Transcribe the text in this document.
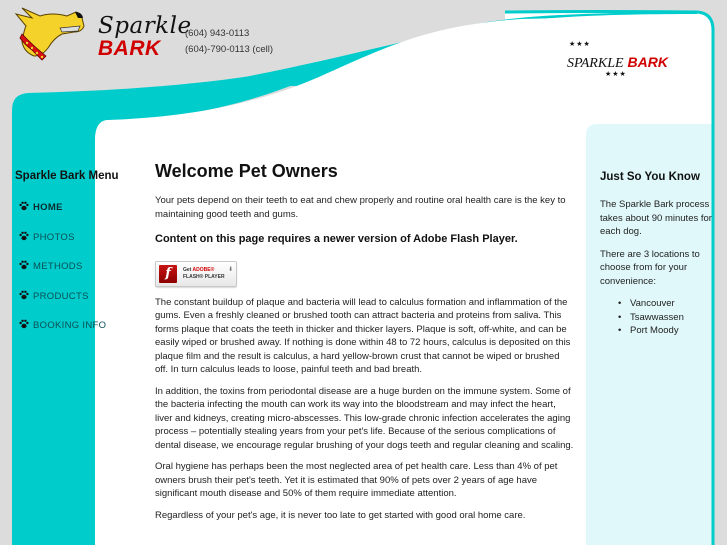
Sparkle
BARK
(604) 943-0113
(604)-790-0113 (cell)	★★★
SPARKLE BARK
★★★
Sparkle Bark Menu
HOME
PHOTOS
METHODS
PRODUCTS
BOOKING INFO
Welcome Pet Owners

Your pets depend on their teeth to eat and chew properly and routine oral health care is the key to maintaining good teeth and gums.

Content on this page requires a newer version of Adobe Flash Player.

f	Get ADOBE®
FLASH® PLAYER
⬇

The constant buildup of plaque and bacteria will lead to calculus formation and inflammation of the gums. Even a freshly cleaned or brushed tooth can attract bacteria and proteins from saliva. This forms plaque that coats the teeth in thicker and thicker layers. Plaque is soft, off-white, and can be easily wiped or brushed away. If nothing is done within 48 to 72 hours, calculus is deposited on this plaque film and the result is calculus, a hard yellow-brown crust that cannot be wiped or brushed off. In turn calculus leads to loose, painful teeth and bad breath.

In addition, the toxins from periodontal disease are a huge burden on the immune system. Some of the bacteria infecting the mouth can work its way into the bloodstream and may infect the heart, liver and kidneys, creating micro-abscesses. This low-grade chronic infection accelerates the aging process – potentially stealing years from your pet's life. Because of the serious complications of dental disease, we encourage regular brushing of your dogs teeth and regular cleaning and scaling.

Oral hygiene has perhaps been the most neglected area of pet health care. Less than 4% of pet owners brush their pet's teeth. Yet it is estimated that 90% of pets over 2 years of age have significant mouth disease and 50% of them require immediate attention.

Regardless of your pet's age, it is never too late to get started with good oral home care.

Just So You Know

The Sparkle Bark process takes about 90 minutes for each dog.

There are 3 locations to choose from for your convenience:

• Vancouver
• Tsawwassen
• Port Moody
